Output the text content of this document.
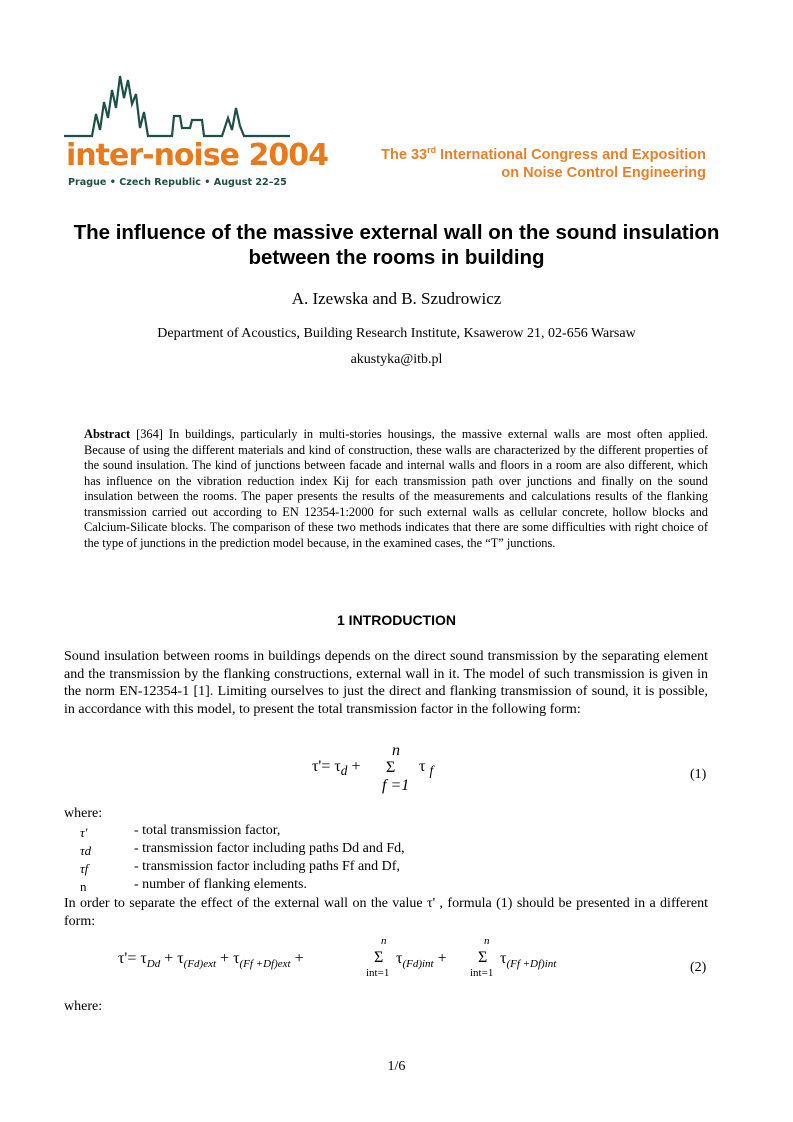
inter-noise 2004
Prague • Czech Republic • August 22–25
The 33rd International Congress and Exposition
on Noise Control Engineering
The influence of the massive external wall on the sound insulation between the rooms in building
A. Izewska and B. Szudrowicz
Department of Acoustics, Building Research Institute, Ksawerow 21, 02-656 Warsaw
akustyka@itb.pl
Abstract [364] In buildings, particularly in multi-stories housings, the massive external walls are most often applied. Because of using the different materials and kind of construction, these walls are characterized by the different properties of the sound insulation. The kind of junctions between facade and internal walls and floors in a room are also different, which has influence on the vibration reduction index Kij for each transmission path over junctions and finally on the sound insulation between the rooms. The paper presents the results of the measurements and calculations results of the flanking transmission carried out according to EN 12354-1:2000 for such external walls as cellular concrete, hollow blocks and Calcium-Silicate blocks. The comparison of these two methods indicates that there are some difficulties with right choice of the type of junctions in the prediction model because, in the examined cases, the “T” junctions.
1 INTRODUCTION
Sound insulation between rooms in buildings depends on the direct sound transmission by the separating element and the transmission by the flanking constructions, external wall in it. The model of such transmission is given in the norm EN-12354-1 [1]. Limiting ourselves to just the direct and flanking transmission of sound, it is possible, in accordance with this model, to present the total transmission factor in the following form:
$\tau'= \tau_d$ +
n
Σ
f =1
τ $_f$	(1)
where:
τ'	- total transmission factor,
τd	- transmission factor including paths Dd and Fd,
τf	- transmission factor including paths Ff and Df,
n	- number of flanking elements.
In order to separate the effect of the external wall on the value τ' , formula (1) should be presented in a different form:
$\tau'= \tau_{Dd} + \tau_{(Fd)ext} + \tau_{(Ff +Df)ext}$ +
n
Σ
int=1
$\tau_{(Fd)int}$ +
n
Σ
int=1
$\tau_{(Ff +Df)int}$	(2)
where:
1/6
